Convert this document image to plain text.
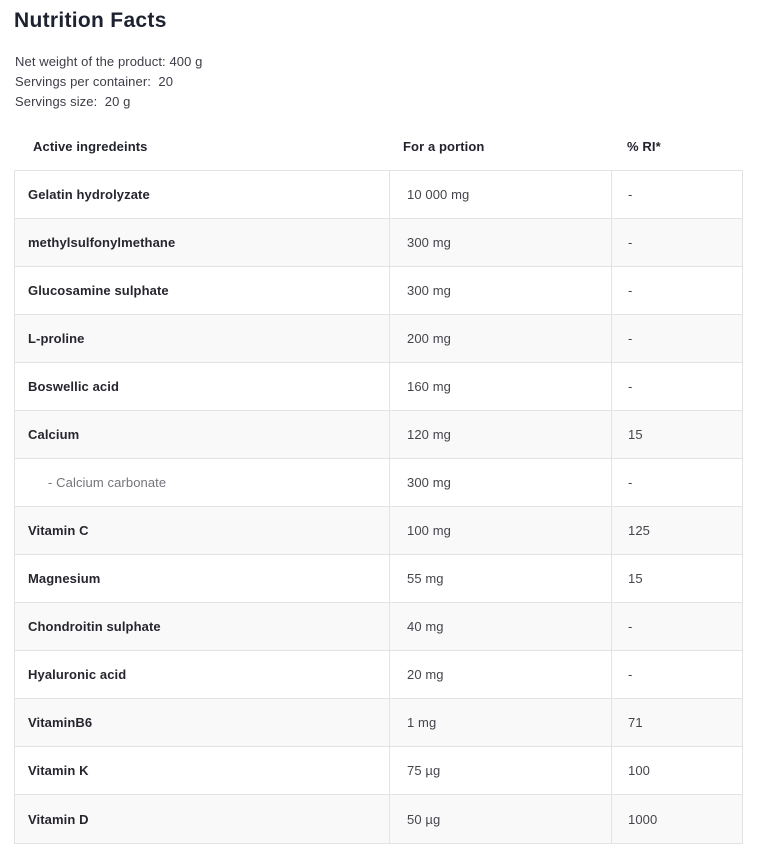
Nutrition Facts
Net weight of the product: 400 g
Servings per container:  20
Servings size:  20 g
Active ingredeints	For a portion	% RI*
Gelatin hydrolyzate	10 000 mg	-
methylsulfonylmethane	300 mg	-
Glucosamine sulphate	300 mg	-
L-proline	200 mg	-
Boswellic acid	160 mg	-
Calcium	120 mg	15
- Calcium carbonate	300 mg	-
Vitamin C	100 mg	125
Magnesium	55 mg	15
Chondroitin sulphate	40 mg	-
Hyaluronic acid	20 mg	-
VitaminB6	1 mg	71
Vitamin K	75 µg	100
Vitamin D	50 µg	1000
